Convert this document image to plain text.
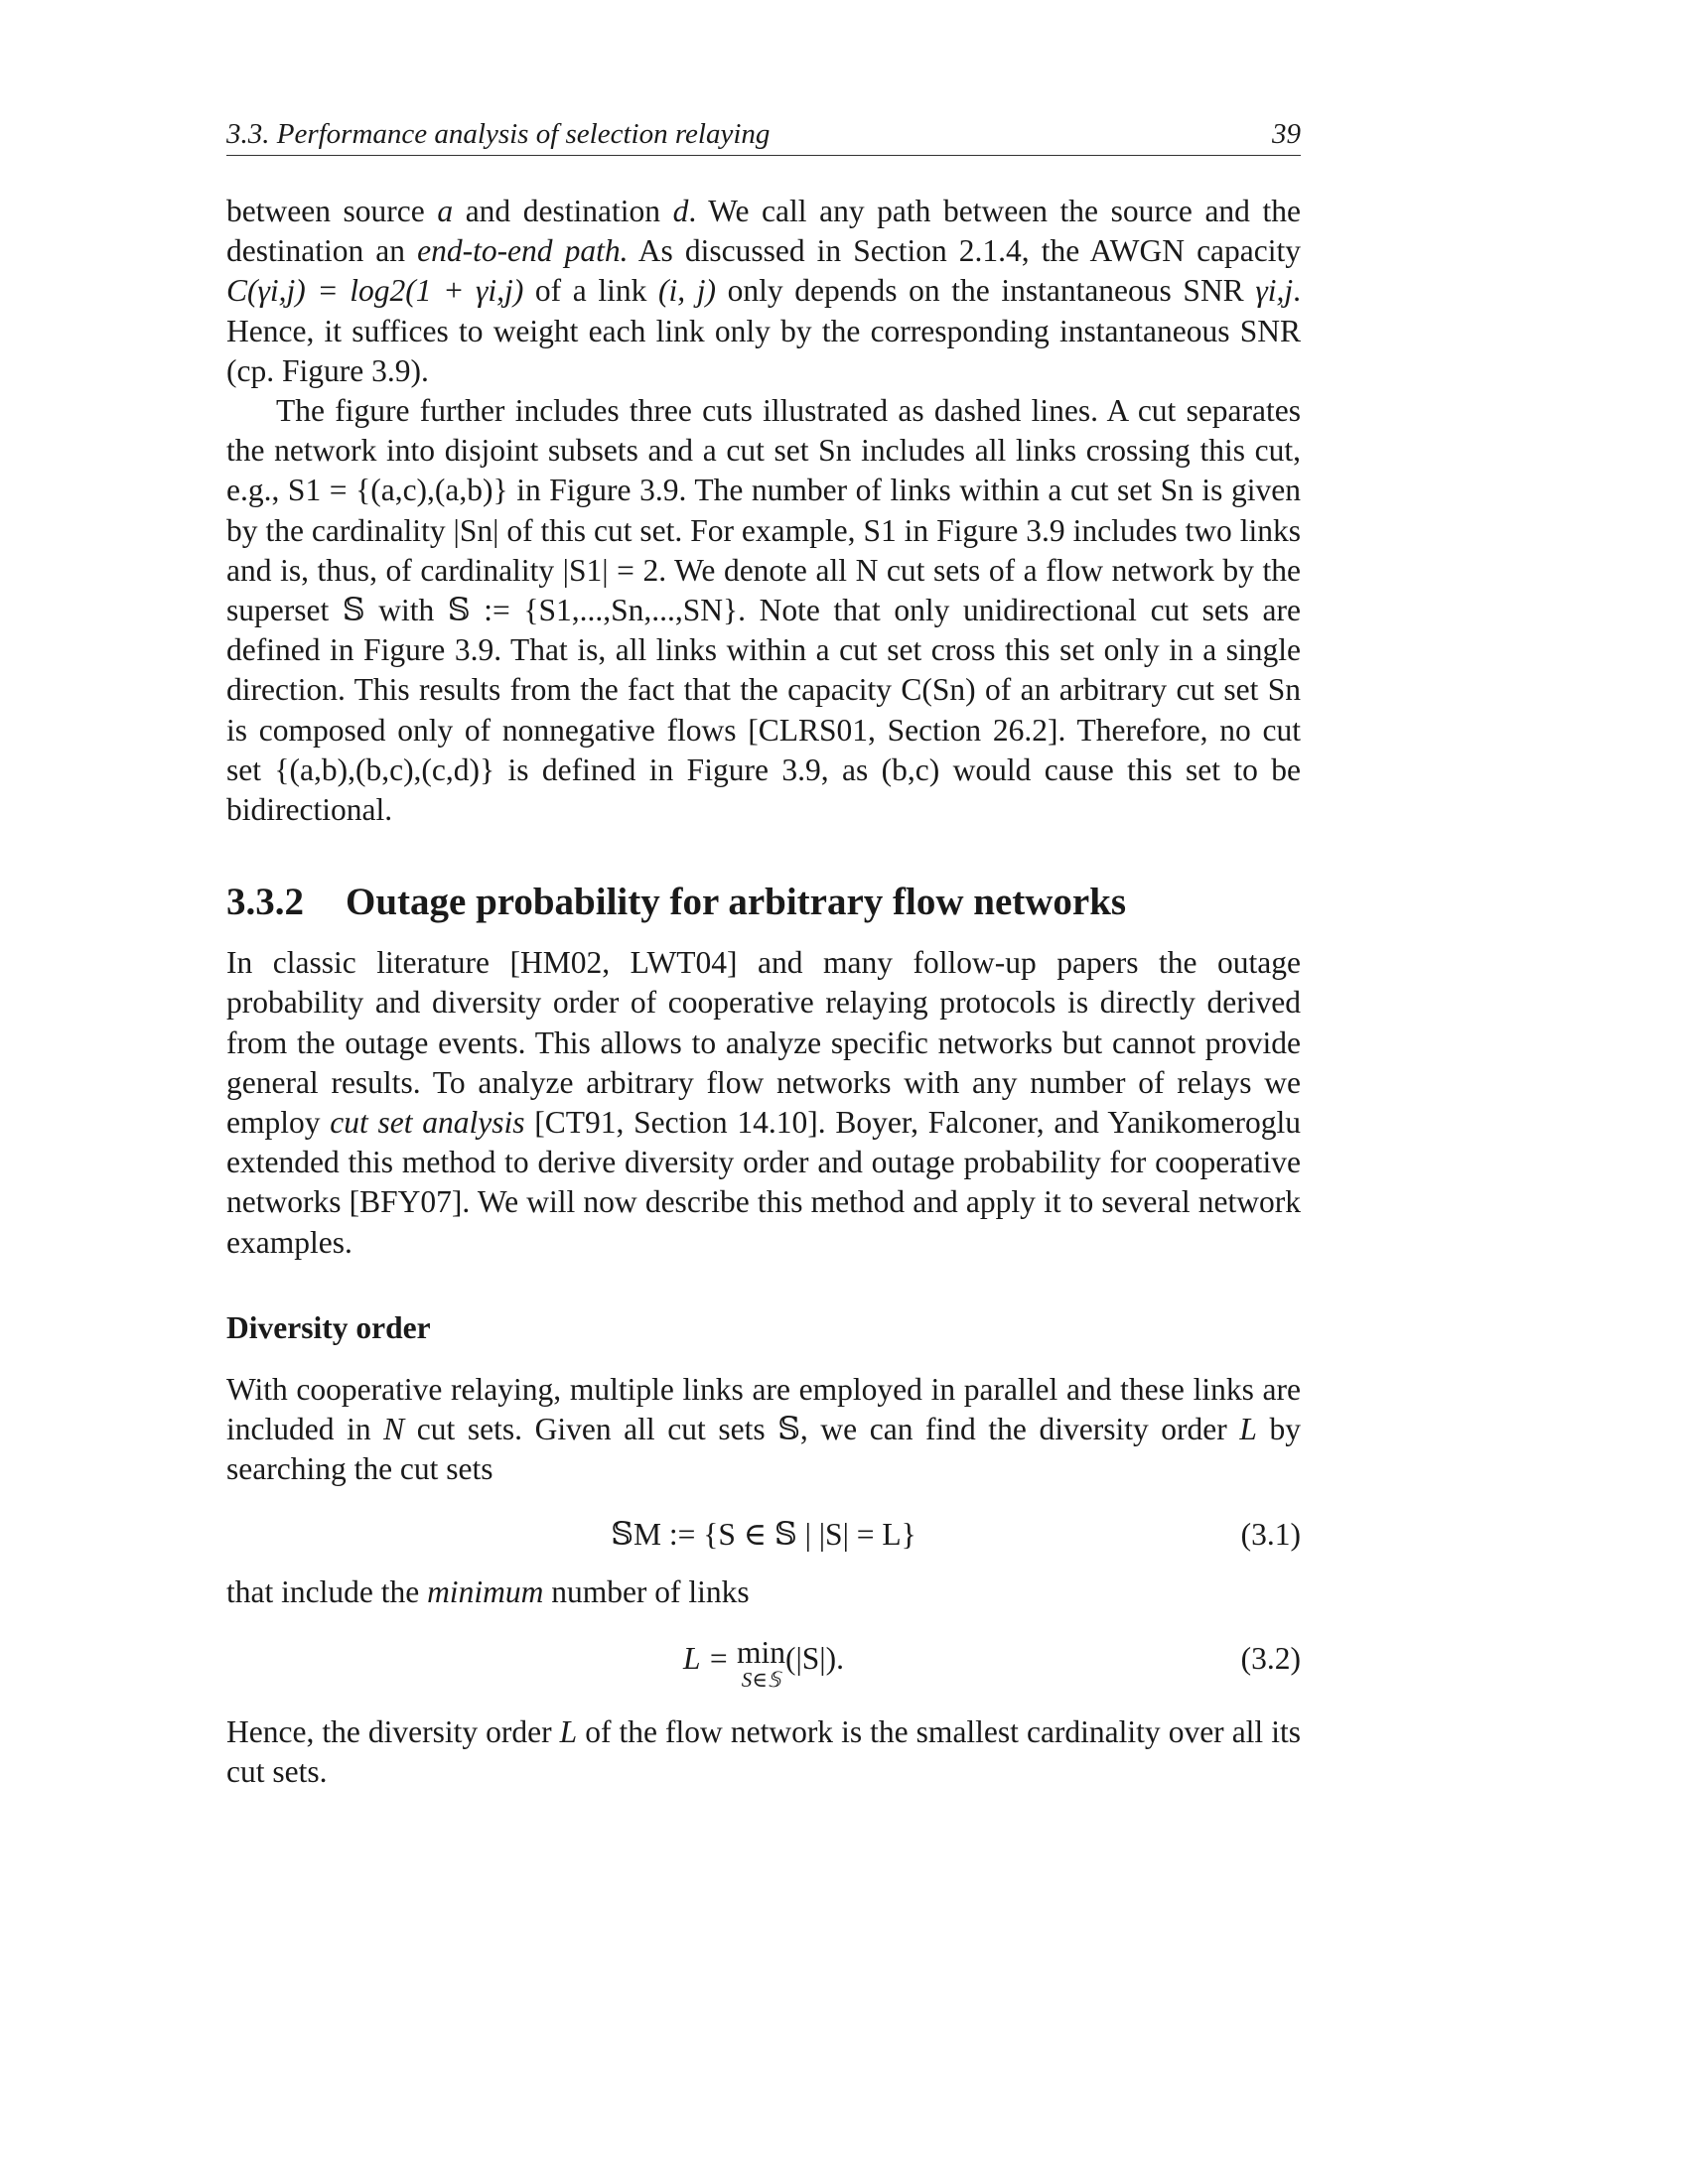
3.3. Performance analysis of selection relaying	39

between source a and destination d. We call any path between the source and the destination an end-to-end path. As discussed in Section 2.1.4, the AWGN capacity C(γi,j) = log2(1 + γi,j) of a link (i, j) only depends on the instantaneous SNR γi,j. Hence, it suffices to weight each link only by the corresponding instantaneous SNR (cp. Figure 3.9).

The figure further includes three cuts illustrated as dashed lines. A cut separates the network into disjoint subsets and a cut set Sn includes all links crossing this cut, e.g., S1 = {(a,c),(a,b)} in Figure 3.9. The number of links within a cut set Sn is given by the cardinality |Sn| of this cut set. For example, S1 in Figure 3.9 includes two links and is, thus, of cardinality |S1| = 2. We denote all N cut sets of a flow network by the superset 𝕊 with 𝕊 := {S1,...,Sn,...,SN}. Note that only unidirectional cut sets are defined in Figure 3.9. That is, all links within a cut set cross this set only in a single direction. This results from the fact that the capacity C(Sn) of an arbitrary cut set Sn is composed only of nonnegative flows [CLRS01, Section 26.2]. Therefore, no cut set {(a,b),(b,c),(c,d)} is defined in Figure 3.9, as (b,c) would cause this set to be bidirectional.

3.3.2 Outage probability for arbitrary flow networks

In classic literature [HM02, LWT04] and many follow-up papers the outage probability and diversity order of cooperative relaying protocols is directly derived from the outage events. This allows to analyze specific networks but cannot provide general results. To analyze arbitrary flow networks with any number of relays we employ cut set analysis [CT91, Section 14.10]. Boyer, Falconer, and Yanikomeroglu extended this method to derive diversity order and outage probability for cooperative networks [BFY07]. We will now describe this method and apply it to several network examples.

Diversity order

With cooperative relaying, multiple links are employed in parallel and these links are included in N cut sets. Given all cut sets 𝕊, we can find the diversity order L by searching the cut sets

𝕊M := {S ∈ 𝕊 | |S| = L}	(3.1)

that include the minimum number of links

L = min
S∈𝕊
(|S|).	(3.2)

Hence, the diversity order L of the flow network is the smallest cardinality over all its cut sets.
